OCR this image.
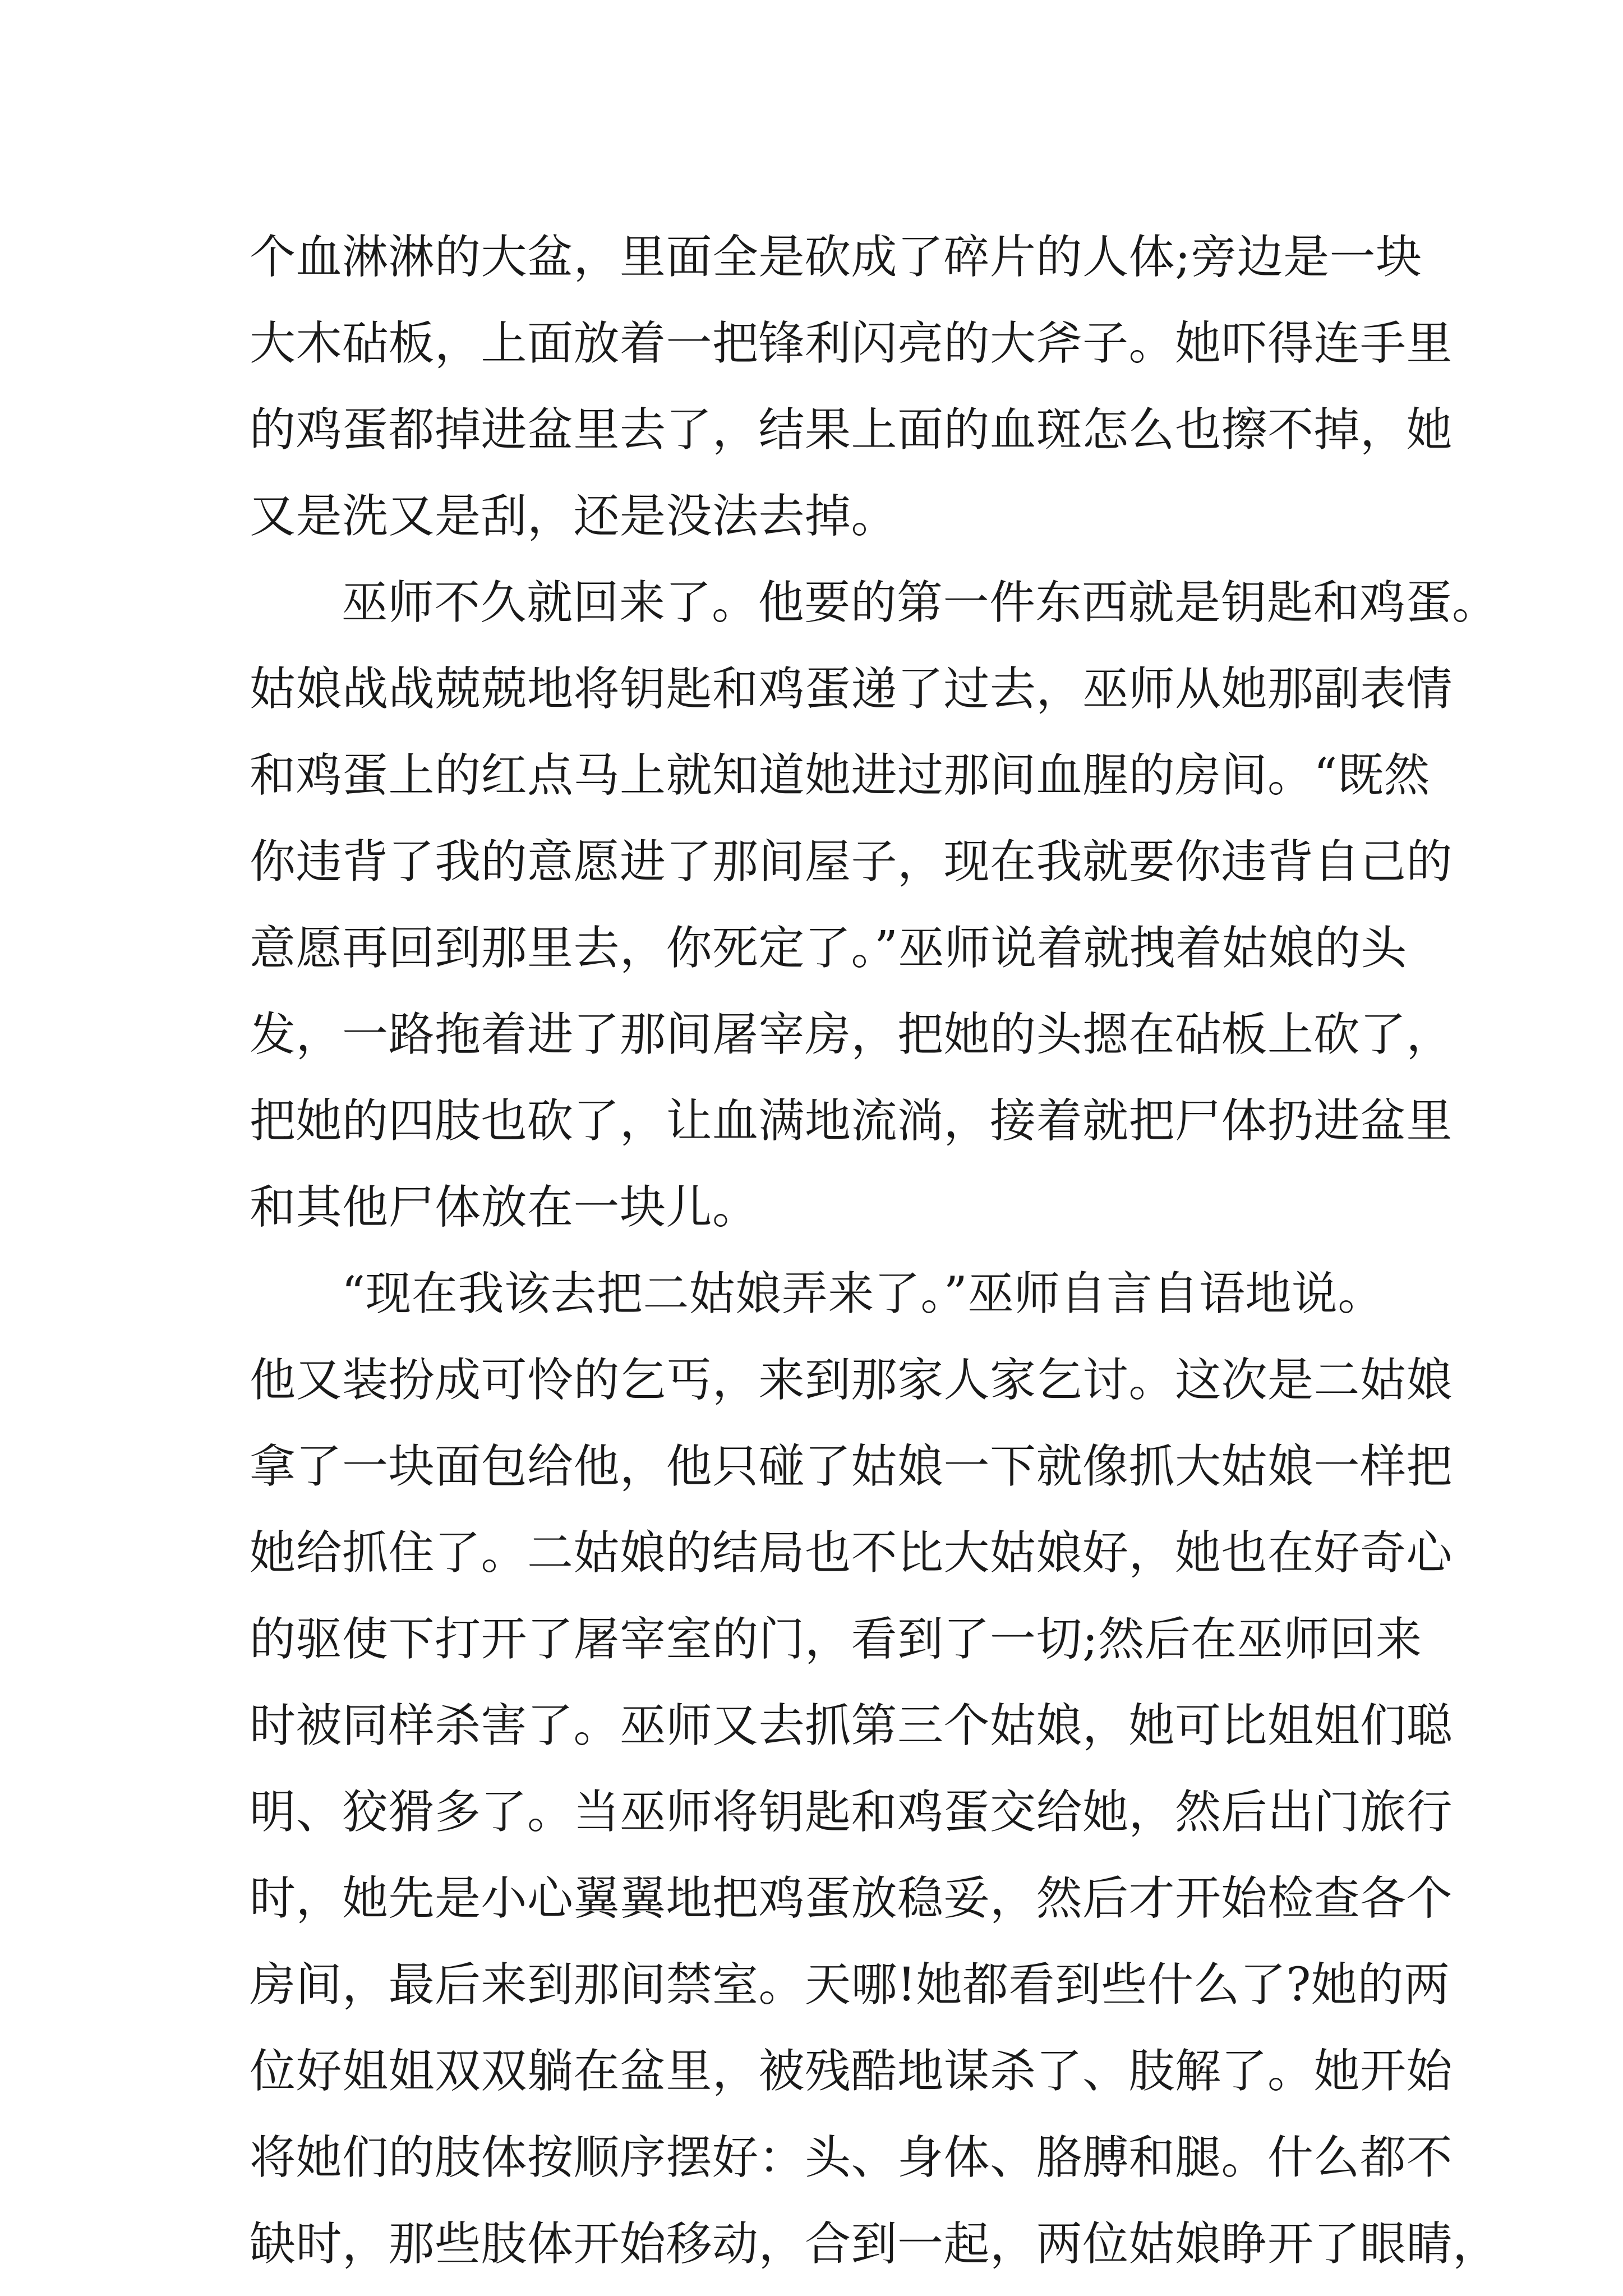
个血淋淋的大盆，里面全是砍成了碎片的人体;旁边是一块
大木砧板，上面放着一把锋利闪亮的大斧子。她吓得连手里
的鸡蛋都掉进盆里去了，结果上面的血斑怎么也擦不掉，她
又是洗又是刮，还是没法去掉。
巫师不久就回来了。他要的第一件东西就是钥匙和鸡蛋。
姑娘战战兢兢地将钥匙和鸡蛋递了过去，巫师从她那副表情
和鸡蛋上的红点马上就知道她进过那间血腥的房间。“既然
你违背了我的意愿进了那间屋子，现在我就要你违背自己的
意愿再回到那里去，你死定了。”巫师说着就拽着姑娘的头
发，一路拖着进了那间屠宰房，把她的头摁在砧板上砍了，
把她的四肢也砍了，让血满地流淌，接着就把尸体扔进盆里
和其他尸体放在一块儿。
“现在我该去把二姑娘弄来了。”巫师自言自语地说。
他又装扮成可怜的乞丐，来到那家人家乞讨。这次是二姑娘
拿了一块面包给他，他只碰了姑娘一下就像抓大姑娘一样把
她给抓住了。二姑娘的结局也不比大姑娘好，她也在好奇心
的驱使下打开了屠宰室的门，看到了一切;然后在巫师回来
时被同样杀害了。巫师又去抓第三个姑娘，她可比姐姐们聪
明、狡猾多了。当巫师将钥匙和鸡蛋交给她，然后出门旅行
时，她先是小心翼翼地把鸡蛋放稳妥，然后才开始检查各个
房间，最后来到那间禁室。天哪!她都看到些什么了?她的两
位好姐姐双双躺在盆里，被残酷地谋杀了、肢解了。她开始
将她们的肢体按顺序摆好：头、身体、胳膊和腿。什么都不
缺时，那些肢体开始移动，合到一起，两位姑娘睁开了眼睛，
